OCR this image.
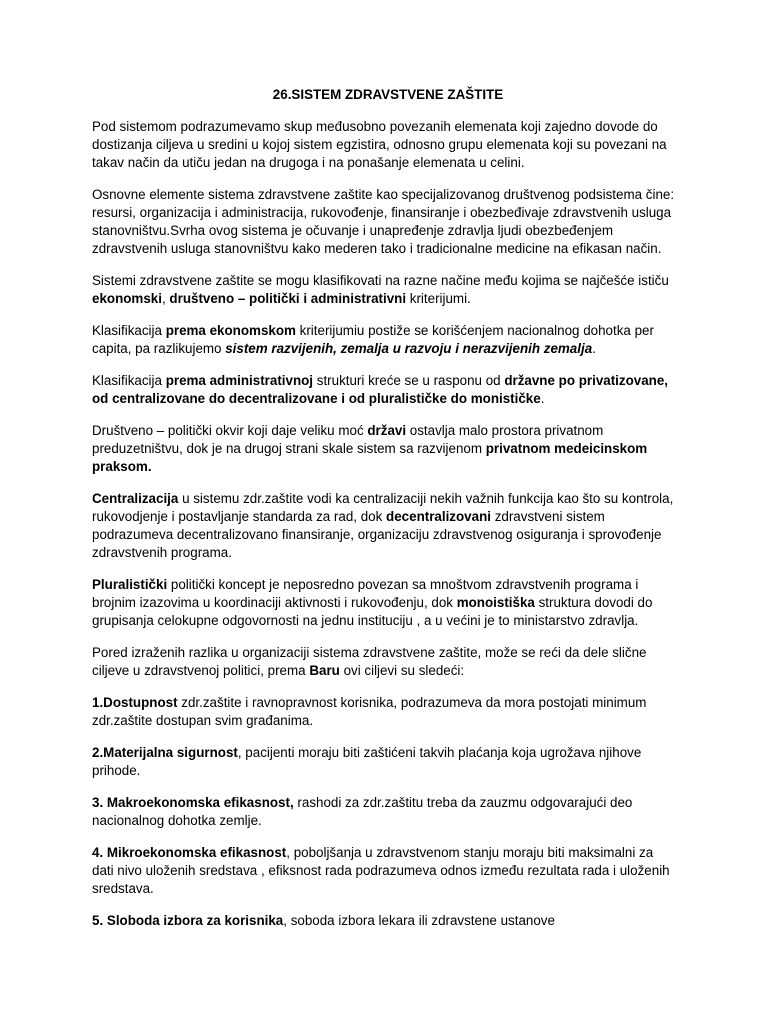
26.SISTEM ZDRAVSTVENE ZAŠTITE

Pod sistemom podrazumevamo skup međusobno povezanih elemenata koji zajedno dovode do dostizanja ciljeva u sredini u kojoj sistem egzistira, odnosno grupu elemenata koji su povezani na takav način da utiču jedan na drugoga i na ponašanje elemenata u celini.

Osnovne elemente sistema zdravstvene zaštite kao specijalizovanog društvenog podsistema čine: resursi, organizacija i administracija, rukovođenje, finansiranje i obezbeđivaje zdravstvenih usluga stanovništvu.Svrha ovog sistema je očuvanje i unapređenje zdravlja ljudi obezbeđenjem zdravstvenih usluga stanovništvu kako mederen tako i tradicionalne medicine na efikasan način.

Sistemi zdravstvene zaštite se mogu klasifikovati na razne načine među kojima se najčešće ističu ekonomski, društveno – politički i administrativni kriterijumi.

Klasifikacija prema ekonomskom kriterijumiu postiže se korišćenjem nacionalnog dohotka per capita, pa razlikujemo sistem razvijenih, zemalja u razvoju i nerazvijenih zemalja.

Klasifikacija prema administrativnoj strukturi kreće se u rasponu od državne po privatizovane, od centralizovane do decentralizovane i od pluralističke do monističke.

Društveno – politički okvir koji daje veliku moć državi ostavlja malo prostora privatnom preduzetništvu, dok je na drugoj strani skale sistem sa razvijenom privatnom medeicinskom praksom.

Centralizacija u sistemu zdr.zaštite vodi ka centralizaciji nekih važnih funkcija kao što su kontrola, rukovodjenje i postavljanje standarda za rad, dok decentralizovani zdravstveni sistem podrazumeva decentralizovano finansiranje, organizaciju zdravstvenog osiguranja i sprovođenje zdravstvenih programa.

Pluralistički politički koncept je neposredno povezan sa mnoštvom zdravstvenih programa i brojnim izazovima u koordinaciji aktivnosti i rukovođenju, dok monoistiška struktura dovodi do grupisanja celokupne odgovornosti na jednu instituciju , a u većini je to ministarstvo zdravlja.

Pored izraženih razlika u organizaciji sistema zdravstvene zaštite, može se reći da dele slične ciljeve u zdravstvenoj politici, prema Baru ovi ciljevi su sledeći:

1.Dostupnost zdr.zaštite i ravnopravnost korisnika, podrazumeva da mora postojati minimum zdr.zaštite dostupan svim građanima.

2.Materijalna sigurnost, pacijenti moraju biti zaštićeni takvih plaćanja koja ugrožava njihove prihode.

3. Makroekonomska efikasnost, rashodi za zdr.zaštitu treba da zauzmu odgovarajući deo nacionalnog dohotka zemlje.

4. Mikroekonomska efikasnost, poboljšanja u zdravstvenom stanju moraju biti maksimalni za dati nivo uloženih sredstava , efiksnost rada podrazumeva odnos između rezultata rada i uloženih sredstava.

5. Sloboda izbora za korisnika, soboda izbora lekara ili zdravstene ustanove
